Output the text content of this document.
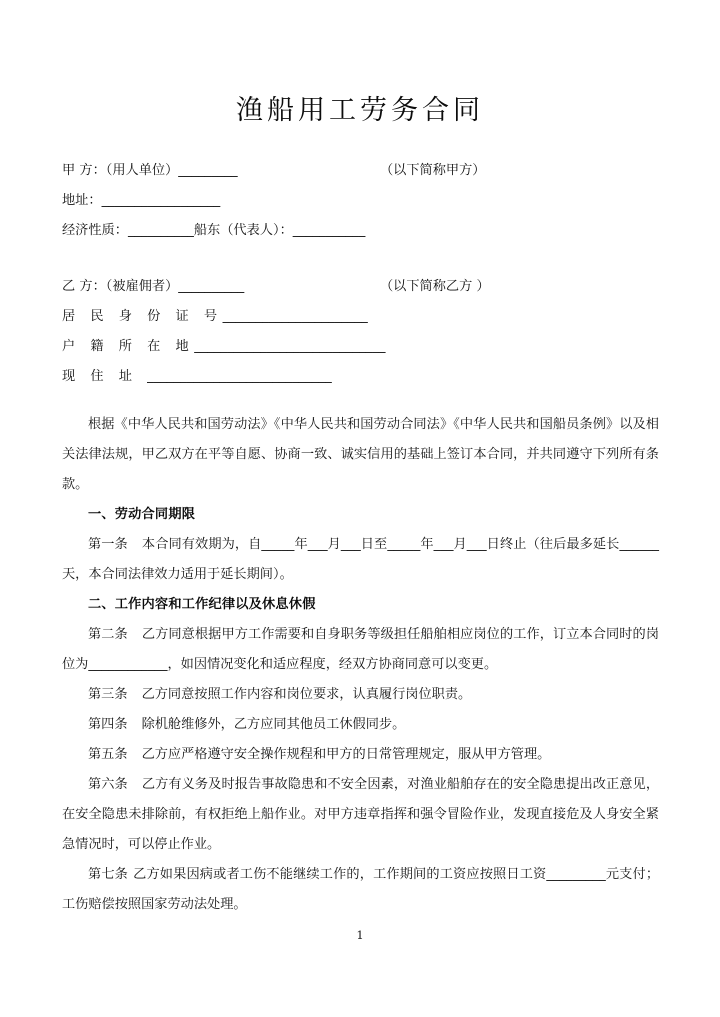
渔船用工劳务合同
甲 方：（用人单位）_________	（以下简称甲方）
地址：__________________
经济性质：__________船东（代表人）：___________
乙 方：（被雇佣者）__________	（以下简称乙方 ）
居 民 身 份 证 号______________________
户 籍 所 在 地_____________________________
现 住 址 ____________________________

根据《中华人民共和国劳动法》《中华人民共和国劳动合同法》《中华人民共和国船员条例》以及相关法律法规，甲乙双方在平等自愿、协商一致、诚实信用的基础上签订本合同，并共同遵守下列所有条款。

一、劳动合同期限

第一条 本合同有效期为，自_____年___月___日至_____年___月___日终止（往后最多延长______天，本合同法律效力适用于延长期间）。

二、工作内容和工作纪律以及休息休假

第二条 乙方同意根据甲方工作需要和自身职务等级担任船舶相应岗位的工作，订立本合同时的岗位为____________，如因情况变化和适应程度，经双方协商同意可以变更。

第三条 乙方同意按照工作内容和岗位要求，认真履行岗位职责。

第四条 除机舱维修外，乙方应同其他员工休假同步。

第五条 乙方应严格遵守安全操作规程和甲方的日常管理规定，服从甲方管理。

第六条 乙方有义务及时报告事故隐患和不安全因素，对渔业船舶存在的安全隐患提出改正意见，在安全隐患未排除前，有权拒绝上船作业。对甲方违章指挥和强令冒险作业，发现直接危及人身安全紧急情况时，可以停止作业。

第七条 乙方如果因病或者工伤不能继续工作的，工作期间的工资应按照日工资_________元支付；工伤赔偿按照国家劳动法处理。

1
